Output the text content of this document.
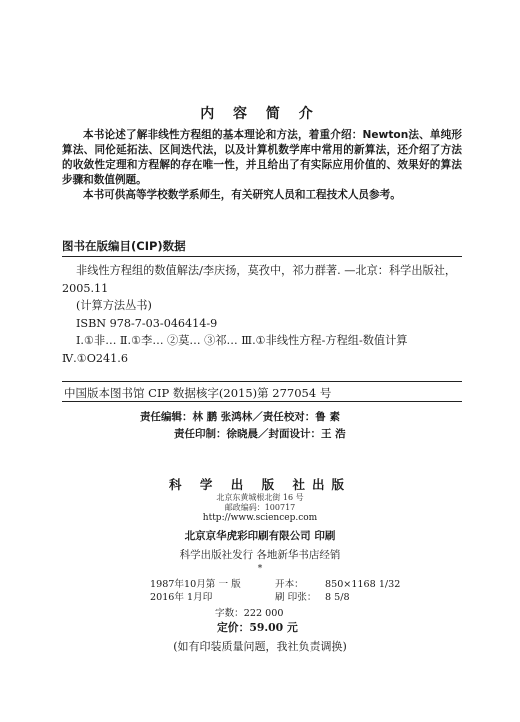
内 容 简 介

本书论述了解非线性方程组的基本理论和方法，着重介绍：Newton法、单纯形算法、同伦延拓法、区间迭代法，以及计算机数学库中常用的新算法，还介绍了方法的收敛性定理和方程解的存在唯一性，并且给出了有实际应用价值的、效果好的算法步骤和数值例题。

本书可供高等学校数学系师生，有关研究人员和工程技术人员参考。

图书在版编目(CIP)数据

非线性方程组的数值解法/李庆扬，莫孜中，祁力群著. —北京：科学出版社，2005.11

(计算方法丛书)

ISBN 978-7-03-046414-9

Ⅰ.①非… Ⅱ.①李… ②莫… ③祁… Ⅲ.①非线性方程-方程组-数值计算 Ⅳ.①O241.6

中国版本图书馆 CIP 数据核字(2015)第 277054 号
责任编辑：林 鹏 张鸿林／责任校对：鲁 素
责任印制：徐晓晨／封面设计：王 浩
科 学 出 版 社出版
北京东黄城根北街 16 号
邮政编码：100717
http://www.sciencep.com
北京京华虎彩印刷有限公司 印刷
科学出版社发行 各地新华书店经销
*
1987年10月第 一 版	开本：	850×1168 1/32
2016年 1月印	刷 印张： 8 5/8
字数：222 000
定价：59.00 元
(如有印装质量问题，我社负责调换)
